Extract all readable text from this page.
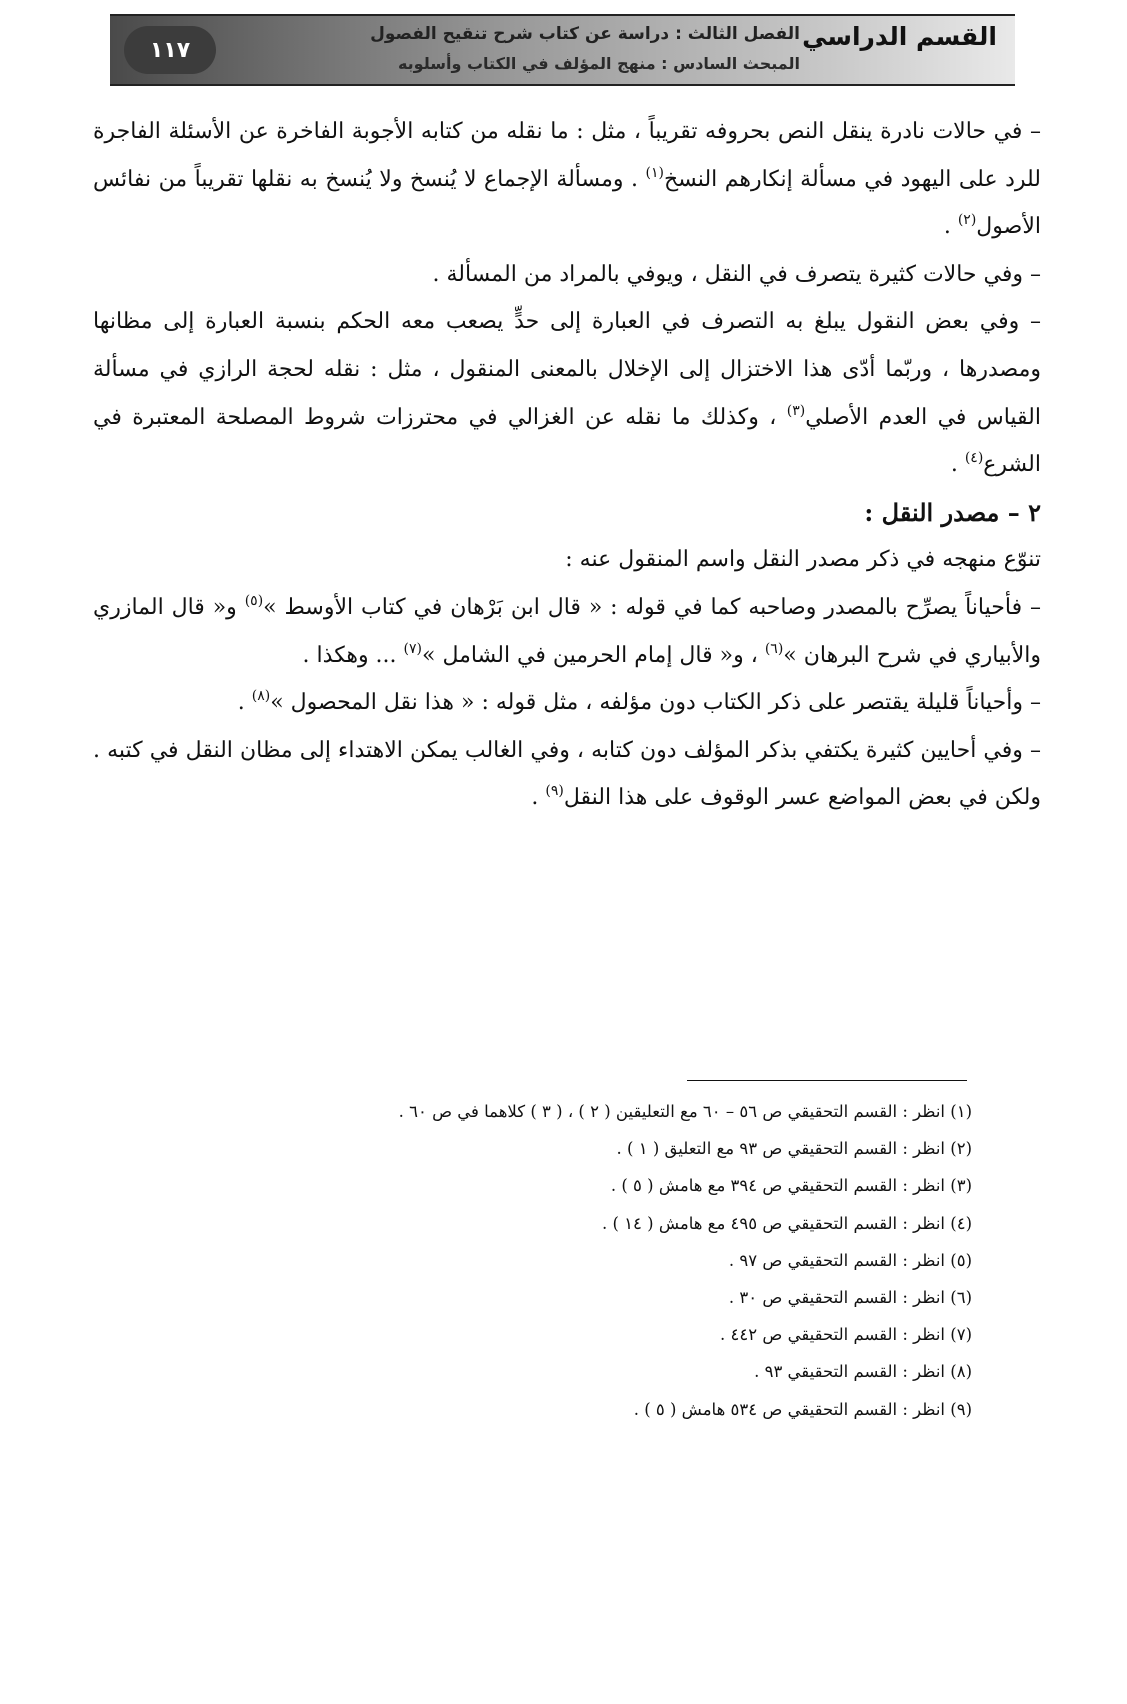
القسم الدراسي
الفصل الثالث : دراسة عن كتاب شرح تنقيح الفصول
المبحث السادس : منهج المؤلف في الكتاب وأسلوبه
١١٧

– في حالات نادرة ينقل النص بحروفه تقريباً ، مثل : ما نقله من كتابه الأجوبة الفاخرة عن الأسئلة الفاجرة للرد على اليهود في مسألة إنكارهم النسخ$^{(١)}$ . ومسألة الإجماع لا يُنسخ ولا يُنسخ به نقلها تقريباً من نفائس الأصول$^{(٢)}$ .

– وفي حالات كثيرة يتصرف في النقل ، ويوفي بالمراد من المسألة .

– وفي بعض النقول يبلغ به التصرف في العبارة إلى حدٍّ يصعب معه الحكم بنسبة العبارة إلى مظانها ومصدرها ، وربّما أدّى هذا الاختزال إلى الإخلال بالمعنى المنقول ، مثل : نقله لحجة الرازي في مسألة القياس في العدم الأصلي$^{(٣)}$ ، وكذلك ما نقله عن الغزالي في محترزات شروط المصلحة المعتبرة في الشرع$^{(٤)}$ .

٢ – مصدر النقل :

تنوّع منهجه في ذكر مصدر النقل واسم المنقول عنه :

– فأحياناً يصرِّح بالمصدر وصاحبه كما في قوله : « قال ابن بَرْهان في كتاب الأوسط »$^{(٥)}$ و« قال المازري والأبياري في شرح البرهان »$^{(٦)}$ ، و« قال إمام الحرمين في الشامل »$^{(٧)}$ ... وهكذا .

– وأحياناً قليلة يقتصر على ذكر الكتاب دون مؤلفه ، مثل قوله : « هذا نقل المحصول »$^{(٨)}$ .

– وفي أحايين كثيرة يكتفي بذكر المؤلف دون كتابه ، وفي الغالب يمكن الاهتداء إلى مظان النقل في كتبه . ولكن في بعض المواضع عسر الوقوف على هذا النقل$^{(٩)}$ .

(١) انظر : القسم التحقيقي ص ٥٦ – ٦٠ مع التعليقين ( ٢ ) ، ( ٣ ) كلاهما في ص ٦٠ .
(٢) انظر : القسم التحقيقي ص ٩٣ مع التعليق ( ١ ) .
(٣) انظر : القسم التحقيقي ص ٣٩٤ مع هامش ( ٥ ) .
(٤) انظر : القسم التحقيقي ص ٤٩٥ مع هامش ( ١٤ ) .
(٥) انظر : القسم التحقيقي ص ٩٧ .
(٦) انظر : القسم التحقيقي ص ٣٠ .
(٧) انظر : القسم التحقيقي ص ٤٤٢ .
(٨) انظر : القسم التحقيقي ٩٣ .
(٩) انظر : القسم التحقيقي ص ٥٣٤ هامش ( ٥ ) .
